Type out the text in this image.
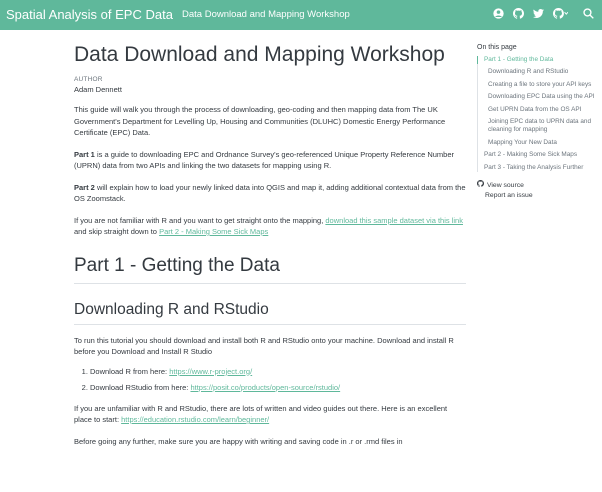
Spatial Analysis of EPC Data Data Download and Mapping Workshop
Data Download and Mapping Workshop
AUTHOR
Adam Dennett

This guide will walk you through the process of downloading, geo-coding and then mapping data from The UK Government's Department for Levelling Up, Housing and Communities (DLUHC) Domestic Energy Performance Certificate (EPC) Data.

Part 1 is a guide to downloading EPC and Ordnance Survey's geo-referenced Unique Property Reference Number (UPRN) data from two APIs and linking the two datasets for mapping using R.

Part 2 will explain how to load your newly linked data into QGIS and map it, adding additional contextual data from the OS Zoomstack.

If you are not familiar with R and you want to get straight onto the mapping, download this sample dataset via this link and skip straight down to Part 2 - Making Some Sick Maps

Part 1 - Getting the Data
Downloading R and RStudio

To run this tutorial you should download and install both R and RStudio onto your machine. Download and install R before you Download and Install R Studio

1. Download R from here: https://www.r-project.org/
2. Download RStudio from here: https://posit.co/products/open-source/rstudio/

If you are unfamiliar with R and RStudio, there are lots of written and video guides out there. Here is an excellent place to start: https://education.rstudio.com/learn/beginner/

Before going any further, make sure you are happy with writing and saving code in .r or .rmd files in

On this page
Part 1 - Getting the Data
Downloading R and RStudio
Creating a file to store your API keys
Downloading EPC Data using the API
Get UPRN Data from the OS API
Joining EPC data to UPRN data and cleaning for mapping
Mapping Your New Data
Part 2 - Making Some Sick Maps
Part 3 - Taking the Analysis Further
View source
Report an issue
